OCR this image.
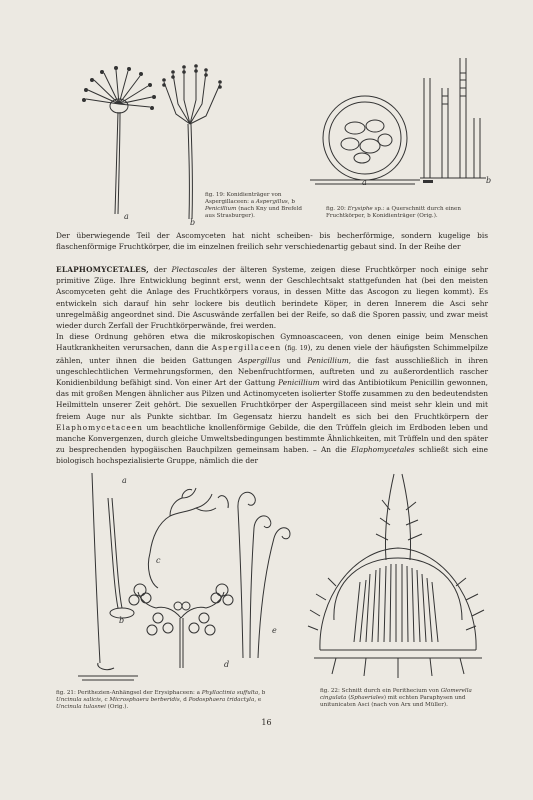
a
b
fig. 19: Konidienträger von Aspergillaceen: a Aspergillus, b Penicillium (nach Kny und Brefeld aus Strasburger).
a	b
fig. 20: Erysiphe sp.: a Querschnitt durch einen Fruchtkörper, b Konidienträger (Orig.).

Der überwiegende Teil der Ascomyceten hat nicht scheiben- bis becherförmige, sondern kugelige bis flaschenförmige Fruchtkörper, die im einzelnen freilich sehr verschiedenartig gebaut sind. In der Reihe der

ELAPHOMYCETALES, der Plectascales der älteren Systeme, zeigen diese Fruchtkörper noch einige sehr primitive Züge. Ihre Entwicklung beginnt erst, wenn der Geschlechtsakt stattgefunden hat (bei den meisten Ascomyceten geht die Anlage des Fruchtkörpers voraus, in dessen Mitte das Ascogon zu liegen kommt). Es entwickeln sich darauf hin sehr lockere bis deutlich berindete Köper, in deren Innerem die Asci sehr unregelmäßig angeordnet sind. Die Ascuswände zerfallen bei der Reife, so daß die Sporen passiv, und zwar meist wieder durch Zerfall der Fruchtkörperwände, frei werden.

In diese Ordnung gehören etwa die mikroskopischen Gymnoascaceen, von denen einige beim Menschen Hautkrankheiten verursachen, dann die Aspergillaceen (fig. 19), zu denen viele der häufigsten Schimmelpilze zählen, unter ihnen die beiden Gattungen Aspergillus und Penicillium, die fast ausschließlich in ihren ungeschlechtlichen Vermehrungsformen, den Nebenfruchtformen, auftreten und zu außerordentlich rascher Konidienbildung befähigt sind. Von einer Art der Gattung Penicillium wird das Antibiotikum Penicillin gewonnen, das mit großen Mengen ähnlicher aus Pilzen und Actinomyceten isolierter Stoffe zusammen zu den bedeutendsten Heilmitteln unserer Zeit gehört. Die sexuellen Fruchtkörper der Aspergillaceen sind meist sehr klein und mit freiem Auge nur als Punkte sichtbar. Im Gegensatz hierzu handelt es sich bei den Fruchtkörpern der Elaphomycetaceen um beachtliche knollenförmige Gebilde, die den Trüffeln gleich im Erdboden leben und manche Konvergenzen, durch gleiche Umweltsbedingungen bestimmte Ähnlichkeiten, mit Trüffeln und den später zu besprechenden hypogäischen Bauchpilzen gemeinsam haben. – An die Elaphomycetales schließt sich eine biologisch hochspezialisierte Gruppe, nämlich die der

a
b
c
d
e
fig. 21: Perithezien-Anhängsel der Erysiphaceen: a Phyllactinia suffulta, b Uncinula salicis, c Microsphaera berberidis, d Podosphaera tridactyla, e Uncinula tulasnei (Orig.).
fig. 22: Schnitt durch ein Perithecium von Glomerella cingulata (Sphaeriales) mit echten Paraphysen und unitunicaten Asci (nach von Arx und Müller).
16
